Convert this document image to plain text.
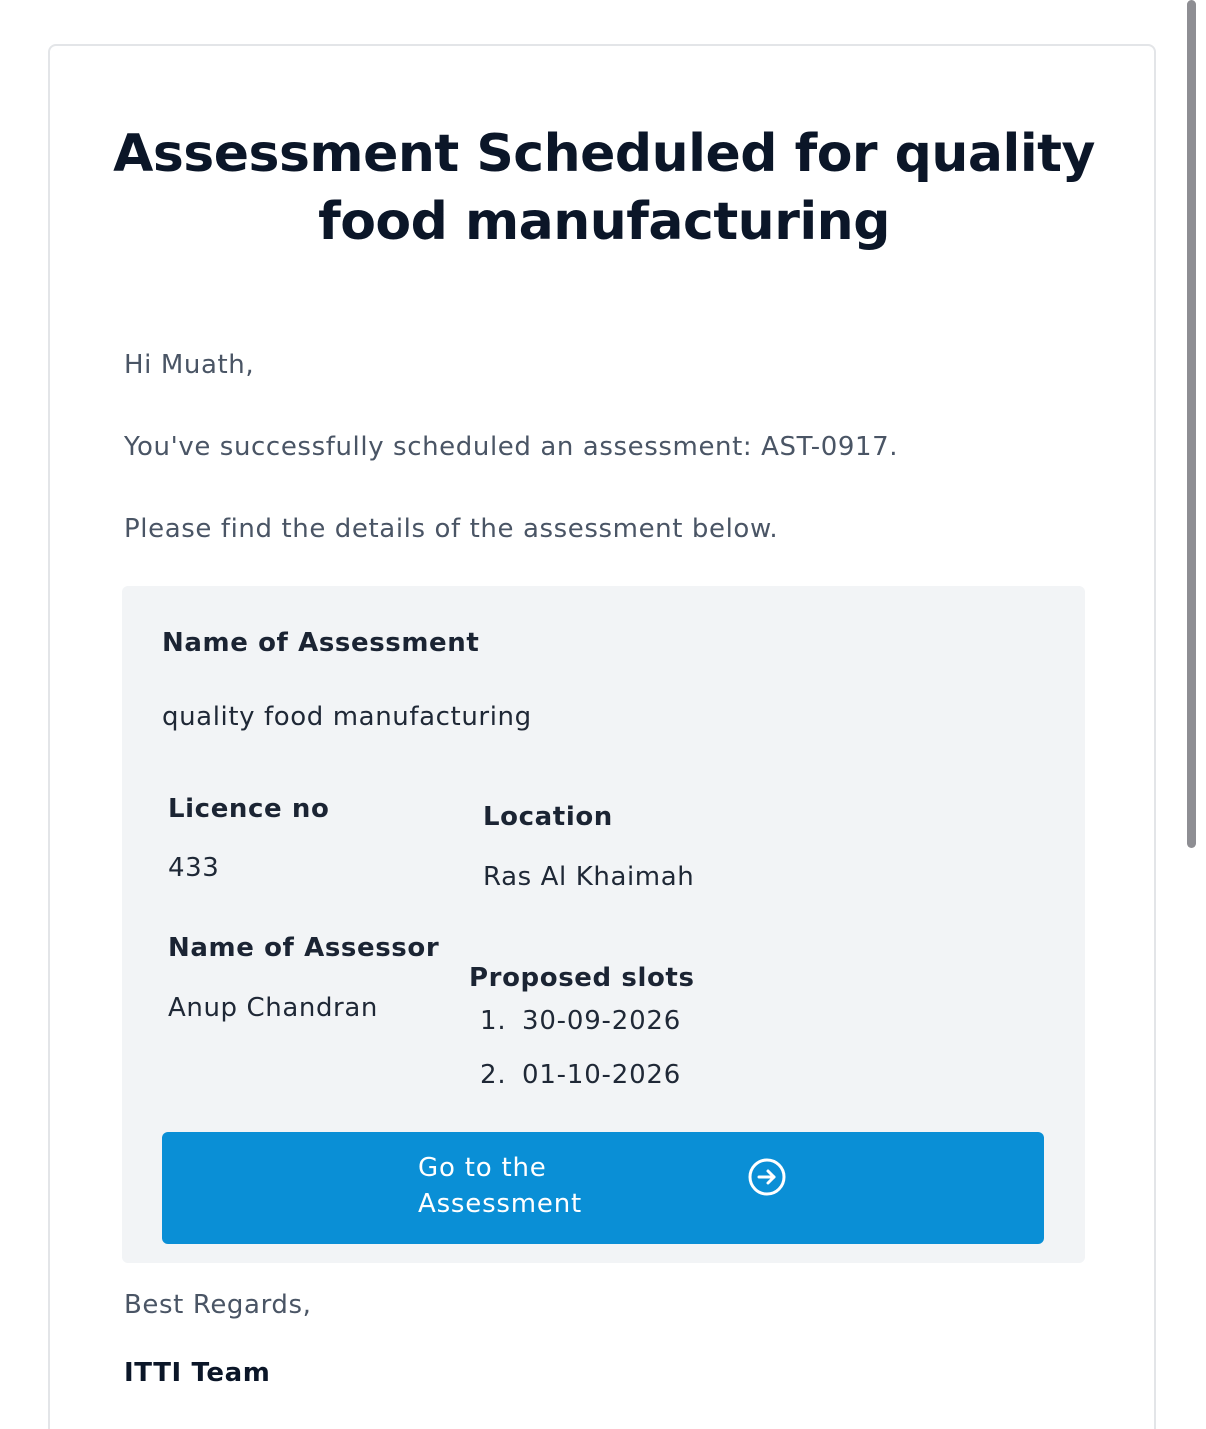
Assessment Scheduled for quality food manufacturing

Hi Muath,

You've successfully scheduled an assessment: AST-0917.

Please find the details of the assessment below.

Name of Assessment

quality food manufacturing

Licence no

433

Location

Ras Al Khaimah

Name of Assessor

Anup Chandran

Proposed slots

1. 30-09-2026
2. 01-10-2026
Go to the Assessment

Best Regards,

ITTI Team
